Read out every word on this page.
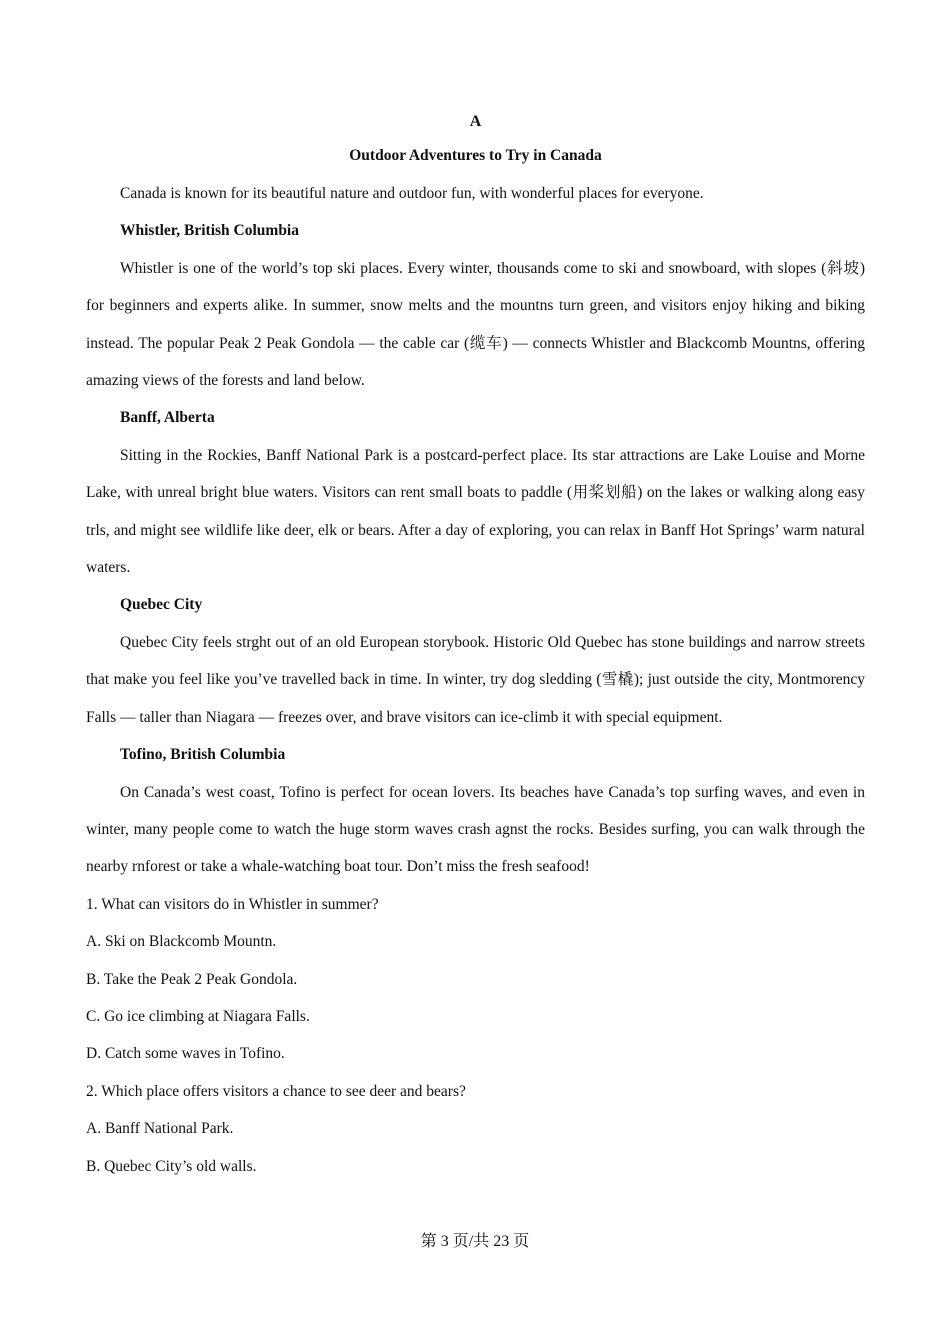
A
Outdoor Adventures to Try in Canada

Canada is known for its beautiful nature and outdoor fun, with wonderful places for everyone.

Whistler, British Columbia

Whistler is one of the world’s top ski places. Every winter, thousands come to ski and snowboard, with slopes (斜坡) for beginners and experts alike. In summer, snow melts and the mountns turn green, and visitors enjoy hiking and biking instead. The popular Peak 2 Peak Gondola — the cable car (缆车) — connects Whistler and Blackcomb Mountns, offering amazing views of the forests and land below.

Banff, Alberta

Sitting in the Rockies, Banff National Park is a postcard-perfect place. Its star attractions are Lake Louise and Morne Lake, with unreal bright blue waters. Visitors can rent small boats to paddle (用桨划船) on the lakes or walking along easy trls, and might see wildlife like deer, elk or bears. After a day of exploring, you can relax in Banff Hot Springs’ warm natural waters.

Quebec City

Quebec City feels strght out of an old European storybook. Historic Old Quebec has stone buildings and narrow streets that make you feel like you’ve travelled back in time. In winter, try dog sledding (雪橇); just outside the city, Montmorency Falls — taller than Niagara — freezes over, and brave visitors can ice-climb it with special equipment.

Tofino, British Columbia

On Canada’s west coast, Tofino is perfect for ocean lovers. Its beaches have Canada’s top surfing waves, and even in winter, many people come to watch the huge storm waves crash agnst the rocks. Besides surfing, you can walk through the nearby rnforest or take a whale-watching boat tour. Don’t miss the fresh seafood!

1. What can visitors do in Whistler in summer?

A. Ski on Blackcomb Mountn.

B. Take the Peak 2 Peak Gondola.

C. Go ice climbing at Niagara Falls.

D. Catch some waves in Tofino.

2. Which place offers visitors a chance to see deer and bears?

A. Banff National Park.

B. Quebec City’s old walls.

第 3 页/共 23 页
